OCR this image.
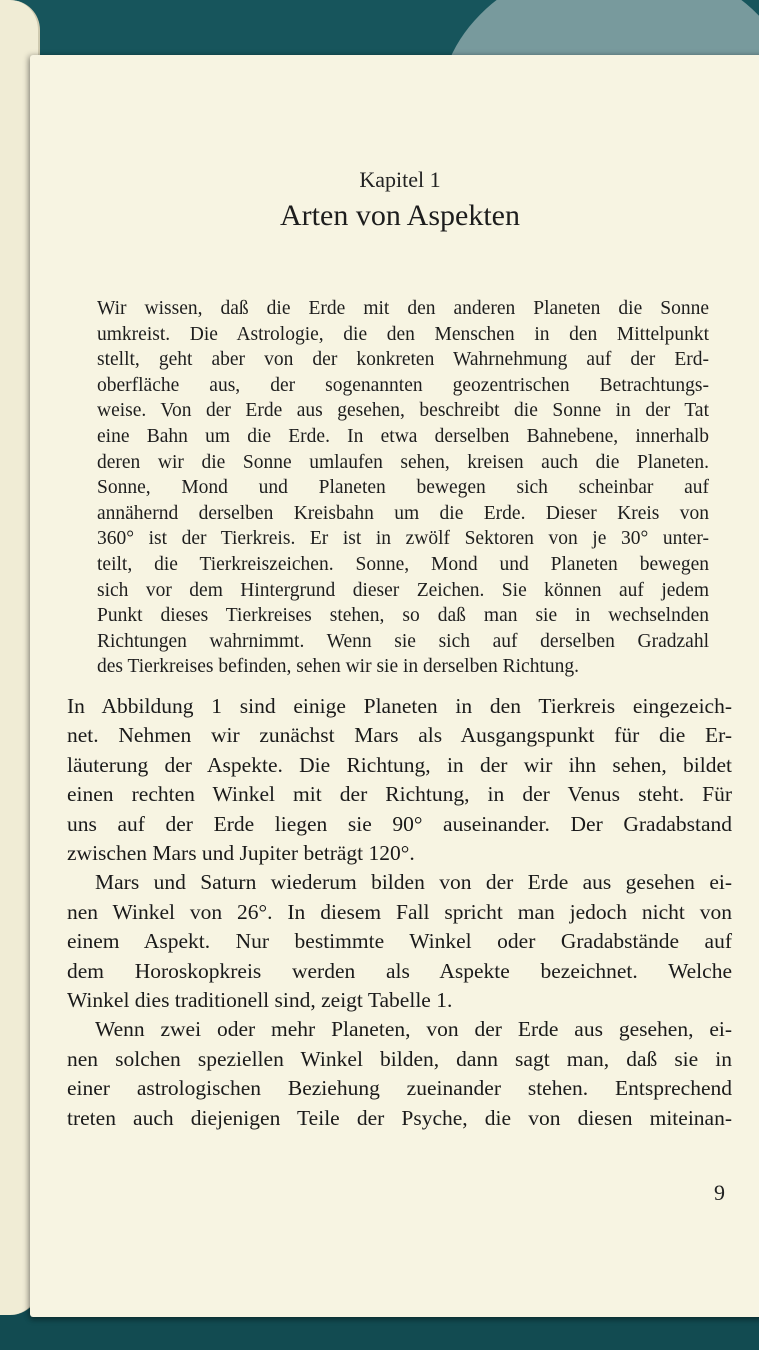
Kapitel 1
Arten von Aspekten
Wir wissen, daß die Erde mit den anderen Planeten die Sonne
umkreist. Die Astrologie, die den Menschen in den Mittelpunkt
stellt, geht aber von der konkreten Wahrnehmung auf der Erd-
oberfläche aus, der sogenannten geozentrischen Betrachtungs-
weise. Von der Erde aus gesehen, beschreibt die Sonne in der Tat
eine Bahn um die Erde. In etwa derselben Bahnebene, innerhalb
deren wir die Sonne umlaufen sehen, kreisen auch die Planeten.
Sonne, Mond und Planeten bewegen sich scheinbar auf
annähernd derselben Kreisbahn um die Erde. Dieser Kreis von
360° ist der Tierkreis. Er ist in zwölf Sektoren von je 30° unter-
teilt, die Tierkreiszeichen. Sonne, Mond und Planeten bewegen
sich vor dem Hintergrund dieser Zeichen. Sie können auf jedem
Punkt dieses Tierkreises stehen, so daß man sie in wechselnden
Richtungen wahrnimmt. Wenn sie sich auf derselben Gradzahl
des Tierkreises befinden, sehen wir sie in derselben Richtung.
In Abbildung 1 sind einige Planeten in den Tierkreis eingezeich-
net. Nehmen wir zunächst Mars als Ausgangspunkt für die Er-
läuterung der Aspekte. Die Richtung, in der wir ihn sehen, bildet
einen rechten Winkel mit der Richtung, in der Venus steht. Für
uns auf der Erde liegen sie 90° auseinander. Der Gradabstand
zwischen Mars und Jupiter beträgt 120°.
Mars und Saturn wiederum bilden von der Erde aus gesehen ei-
nen Winkel von 26°. In diesem Fall spricht man jedoch nicht von
einem Aspekt. Nur bestimmte Winkel oder Gradabstände auf
dem Horoskopkreis werden als Aspekte bezeichnet. Welche
Winkel dies traditionell sind, zeigt Tabelle 1.
Wenn zwei oder mehr Planeten, von der Erde aus gesehen, ei-
nen solchen speziellen Winkel bilden, dann sagt man, daß sie in
einer astrologischen Beziehung zueinander stehen. Entsprechend
treten auch diejenigen Teile der Psyche, die von diesen miteinan-
9
